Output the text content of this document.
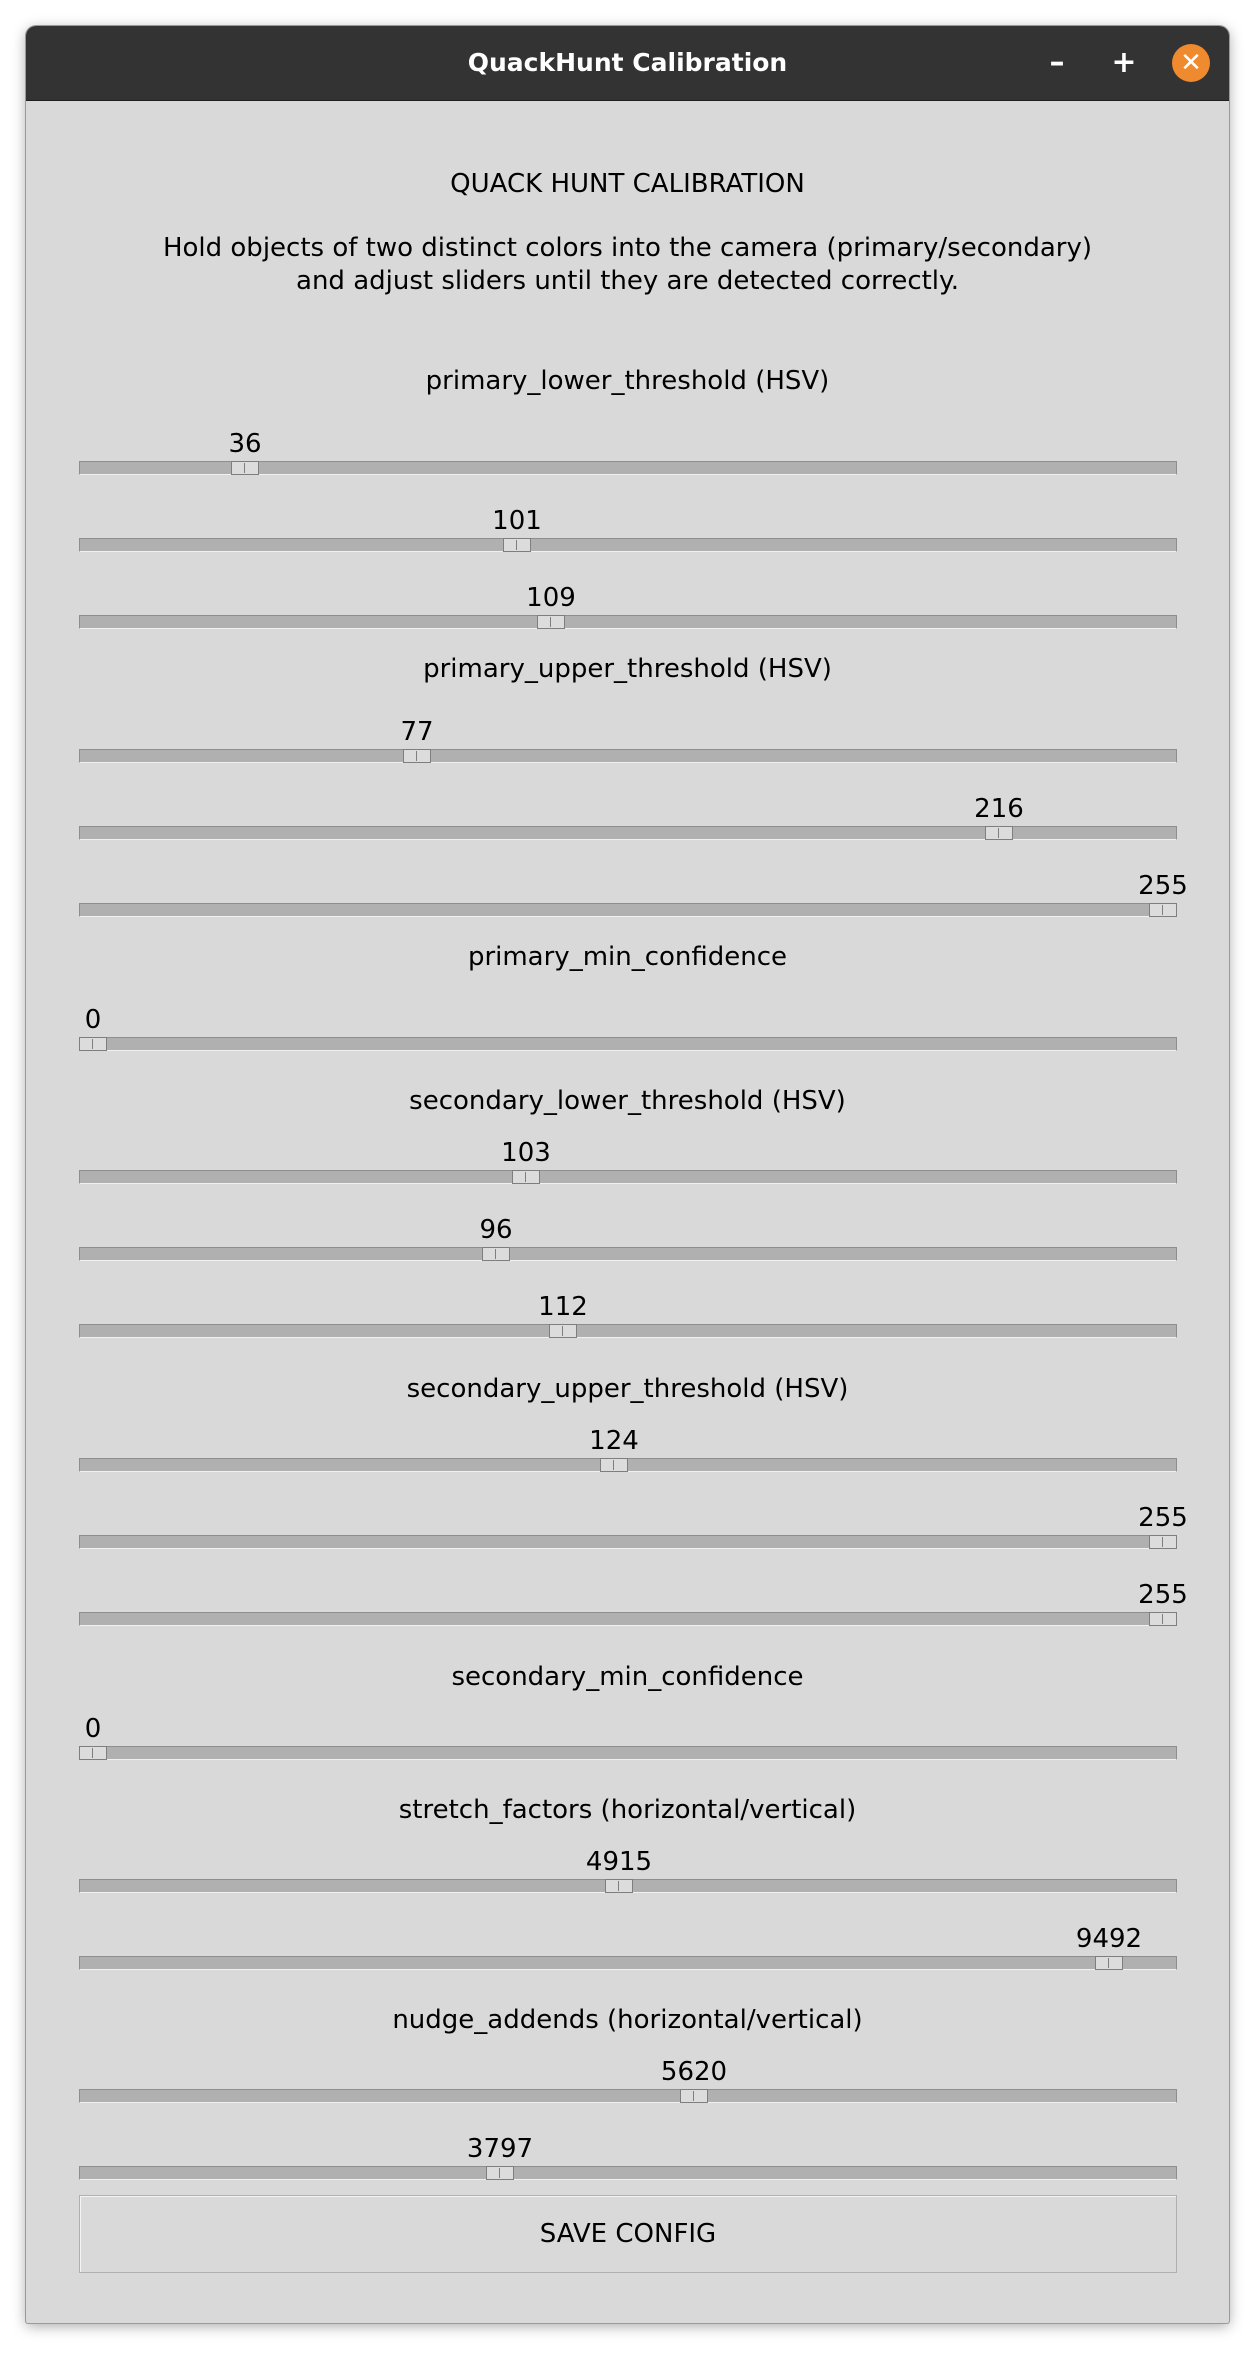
QuackHunt Calibration	–	+	✕
QUACK HUNT CALIBRATION
Hold objects of two distinct colors into the camera (primary/secondary)
and adjust sliders until they are detected correctly.
primary_lower_threshold (HSV)
36
101
109
primary_upper_threshold (HSV)
77
216
255
primary_min_confidence
0
secondary_lower_threshold (HSV)
103
96
112
secondary_upper_threshold (HSV)
124
255
255
secondary_min_confidence
0
stretch_factors (horizontal/vertical)
4915
9492
nudge_addends (horizontal/vertical)
5620
3797
SAVE CONFIG
